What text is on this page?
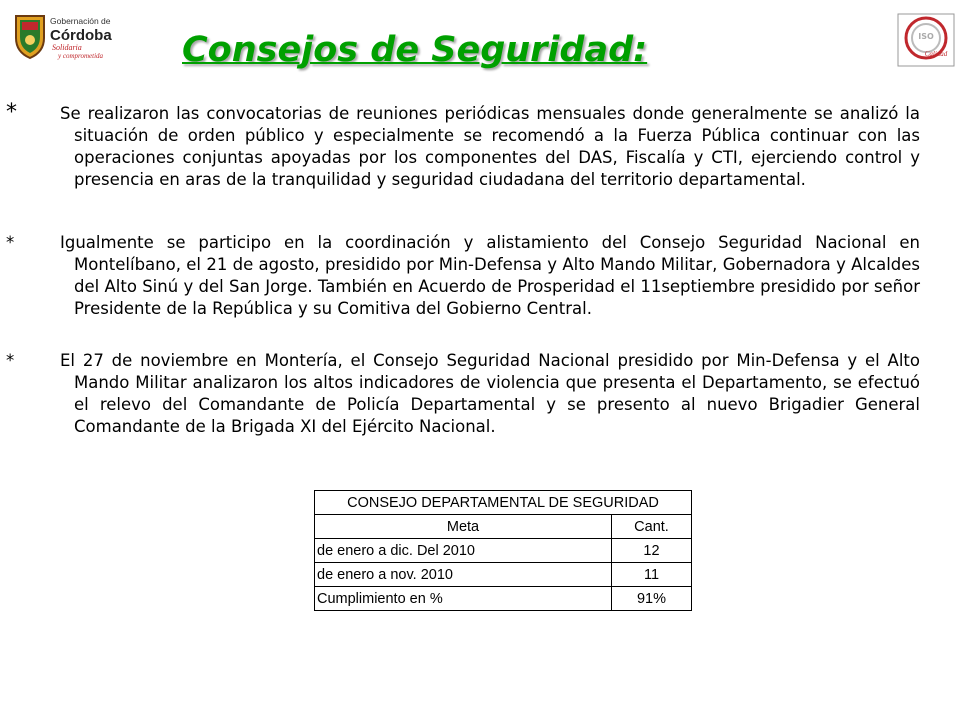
Gobernación de
Córdoba
Solidaria
y comprometida
ISO
Calidad
Consejos de Seguridad:

*	Se realizaron las convocatorias de reuniones periódicas mensuales donde generalmente se analizó la situación de orden público y especialmente se recomendó a la Fuerza Pública continuar con las operaciones conjuntas apoyadas por los componentes del DAS, Fiscalía y CTI, ejerciendo control y presencia en aras de la tranquilidad y seguridad ciudadana del territorio departamental.

*	Igualmente se participo en la coordinación y alistamiento del Consejo Seguridad Nacional en Montelíbano, el 21 de agosto, presidido por Min-Defensa y Alto Mando Militar, Gobernadora y Alcaldes del Alto Sinú y del San Jorge. También en Acuerdo de Prosperidad el 11septiembre presidido por señor Presidente de la República y su Comitiva del Gobierno Central.

*	El 27 de noviembre en Montería, el Consejo Seguridad Nacional presidido por Min-Defensa y el Alto Mando Militar analizaron los altos indicadores de violencia que presenta el Departamento, se efectuó el relevo del Comandante de Policía Departamental y se presento al nuevo Brigadier General Comandante de la Brigada XI del Ejército Nacional.

CONSEJO DEPARTAMENTAL DE SEGURIDAD	
Meta	Cant.
de enero a dic. Del 2010	12
de enero a nov. 2010	11
Cumplimiento en %	91%
